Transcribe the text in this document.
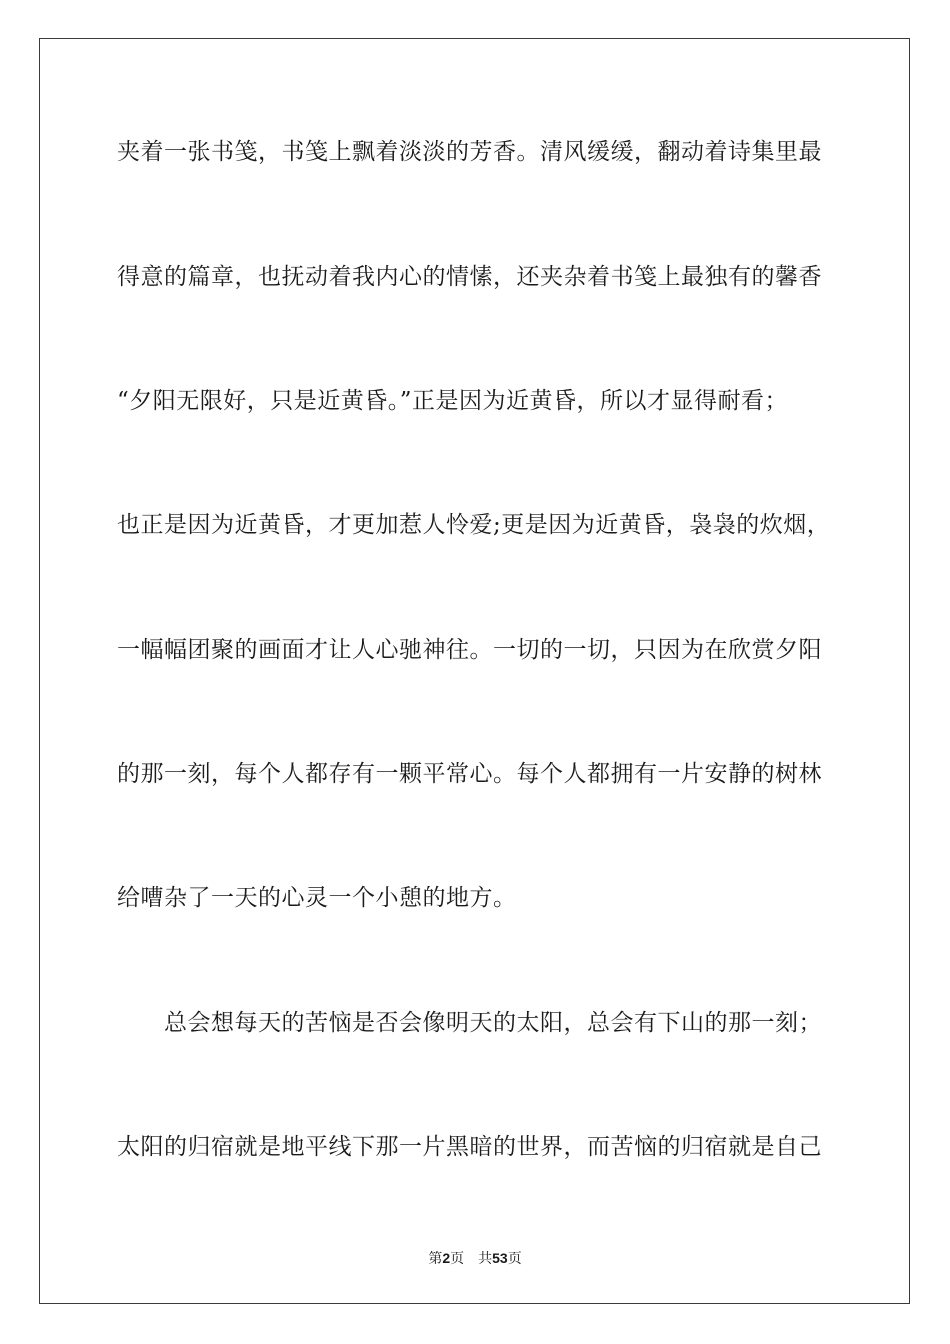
夹着一张书笺，书笺上飘着淡淡的芳香。清风缓缓，翻动着诗集里最
得意的篇章，也抚动着我内心的情愫，还夹杂着书笺上最独有的馨香
“夕阳无限好，只是近黄昏。”正是因为近黄昏，所以才显得耐看；
也正是因为近黄昏，才更加惹人怜爱;更是因为近黄昏，袅袅的炊烟，
一幅幅团聚的画面才让人心驰神往。一切的一切，只因为在欣赏夕阳
的那一刻，每个人都存有一颗平常心。每个人都拥有一片安静的树林
给嘈杂了一天的心灵一个小憩的地方。
总会想每天的苦恼是否会像明天的太阳，总会有下山的那一刻；
太阳的归宿就是地平线下那一片黑暗的世界，而苦恼的归宿就是自己
第2页 共53页
